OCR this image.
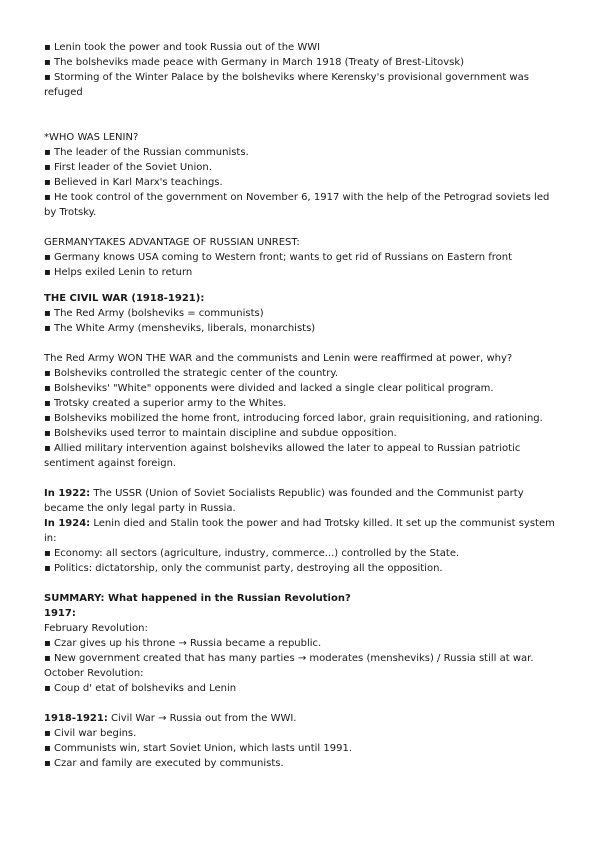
▪ Lenin took the power and took Russia out of the WWI
▪ The bolsheviks made peace with Germany in March 1918 (Treaty of Brest-Litovsk)
▪ Storming of the Winter Palace by the bolsheviks where Kerensky's provisional government was refuged
*WHO WAS LENIN?
▪ The leader of the Russian communists.
▪ First leader of the Soviet Union.
▪ Believed in Karl Marx's teachings.
▪ He took control of the government on November 6, 1917 with the help of the Petrograd soviets led by Trotsky.
GERMANYTAKES ADVANTAGE OF RUSSIAN UNREST:
▪ Germany knows USA coming to Western front; wants to get rid of Russians on Eastern front
▪ Helps exiled Lenin to return
THE CIVIL WAR (1918-1921):
▪ The Red Army (bolsheviks = communists)
▪ The White Army (mensheviks, liberals, monarchists)
The Red Army WON THE WAR and the communists and Lenin were reaffirmed at power, why?
▪ Bolsheviks controlled the strategic center of the country.
▪ Bolsheviks' "White" opponents were divided and lacked a single clear political program.
▪ Trotsky created a superior army to the Whites.
▪ Bolsheviks mobilized the home front, introducing forced labor, grain requisitioning, and rationing.
▪ Bolsheviks used terror to maintain discipline and subdue opposition.
▪ Allied military intervention against bolsheviks allowed the later to appeal to Russian patriotic sentiment against foreign.
In 1922: The USSR (Union of Soviet Socialists Republic) was founded and the Communist party became the only legal party in Russia.
In 1924: Lenin died and Stalin took the power and had Trotsky killed. It set up the communist system in:
▪ Economy: all sectors (agriculture, industry, commerce...) controlled by the State.
▪ Politics: dictatorship, only the communist party, destroying all the opposition.
SUMMARY: What happened in the Russian Revolution?
1917:
February Revolution:
▪ Czar gives up his throne → Russia became a republic.
▪ New government created that has many parties → moderates (mensheviks) / Russia still at war.
October Revolution:
▪ Coup d' etat of bolsheviks and Lenin
1918-1921: Civil War → Russia out from the WWI.
▪ Civil war begins.
▪ Communists win, start Soviet Union, which lasts until 1991.
▪ Czar and family are executed by communists.
